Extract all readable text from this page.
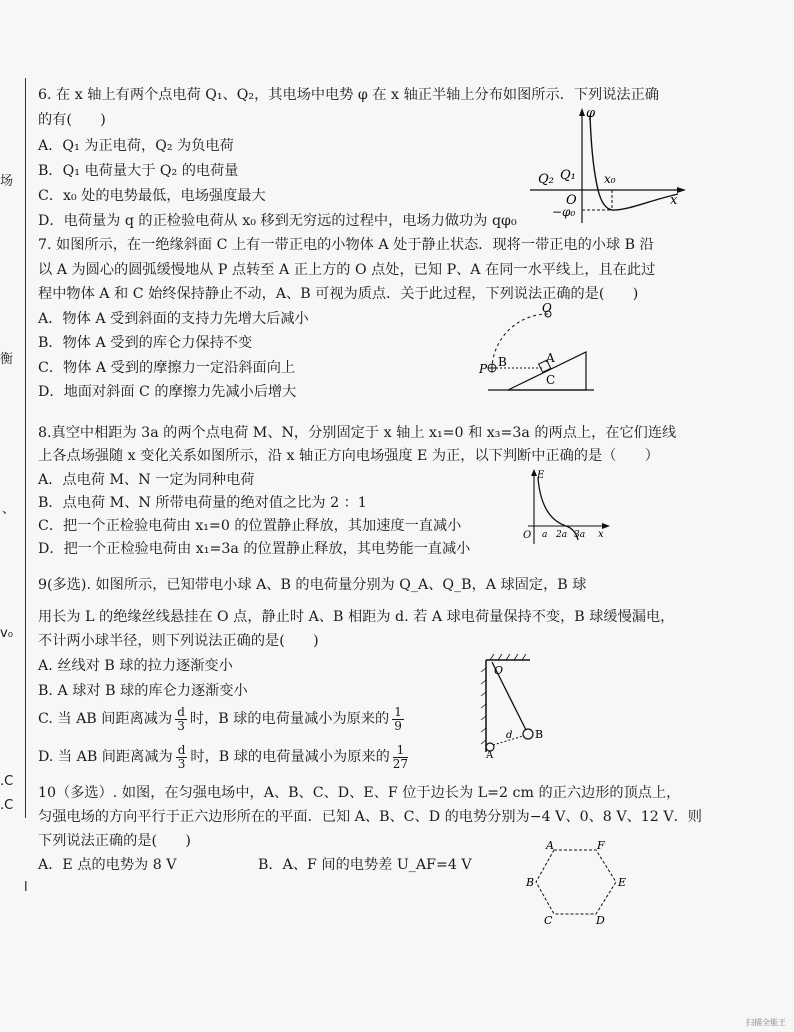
场
衡
、
v₀
.C
.C
l
6. 在 x 轴上有两个点电荷 Q₁、Q₂，其电场中电势 φ 在 x 轴正半轴上分布如图所示．下列说法正确
的有(　　)
A．Q₁ 为正电荷，Q₂ 为负电荷
B．Q₁ 电荷量大于 Q₂ 的电荷量
C．x₀ 处的电势最低，电场强度最大
D．电荷量为 q 的正检验电荷从 x₀ 移到无穷远的过程中，电场力做功为 qφ₀
φ
Q₂ Q₁ x₀
O	x
−φ₀
7. 如图所示，在一绝缘斜面 C 上有一带正电的小物体 A 处于静止状态．现将一带正电的小球 B 沿
以 A 为圆心的圆弧缓慢地从 P 点转至 A 正上方的 O 点处，已知 P、A 在同一水平线上，且在此过
程中物体 A 和 C 始终保持静止不动，A、B 可视为质点．关于此过程，下列说法正确的是(　　)
A．物体 A 受到斜面的支持力先增大后减小
B．物体 A 受到的库仑力保持不变
C．物体 A 受到的摩擦力一定沿斜面向上
D．地面对斜面 C 的摩擦力先减小后增大
O
A
B
C
P
8.真空中相距为 3a 的两个点电荷 M、N，分别固定于 x 轴上 x₁=0 和 x₃=3a 的两点上，在它们连线
上各点场强随 x 变化关系如图所示，沿 x 轴正方向电场强度 E 为正，以下判断中正确的是（　　）
A．点电荷 M、N 一定为同种电荷
B．点电荷 M、N 所带电荷量的绝对值之比为 2 ：1
C．把一个正检验电荷由 x₁=0 的位置静止释放，其加速度一直减小
D．把一个正检验电荷由 x₁=3a 的位置静止释放，其电势能一直减小
E
O a 2a 3a x
9(多选). 如图所示，已知带电小球 A、B 的电荷量分别为 Q_A、Q_B，A 球固定，B 球
用长为 L 的绝缘丝线悬挂在 O 点，静止时 A、B 相距为 d. 若 A 球电荷量保持不变，B 球缓慢漏电，
不计两小球半径，则下列说法正确的是(　　)
A. 丝线对 B 球的拉力逐渐变小
B. A 球对 B 球的库仑力逐渐变小
C. 当 AB 间距离减为 $\frac{d}{3}$ 时，B 球的电荷量减小为原来的 $\frac{1}{9}$
D. 当 AB 间距离减为 $\frac{d}{3}$ 时，B 球的电荷量减小为原来的 $\frac{1}{27}$
O
B
A
d
10（多选）. 如图，在匀强电场中，A、B、C、D、E、F 位于边长为 L=2 cm 的正六边形的顶点上，
匀强电场的方向平行于正六边形所在的平面．已知 A、B、C、D 的电势分别为−4 V、0、8 V、12 V．则
下列说法正确的是(　　)
A．E 点的电势为 8 V	B．A、F 间的电势差 U_AF=4 V
A	F
B	E
C	D
扫描全能王
